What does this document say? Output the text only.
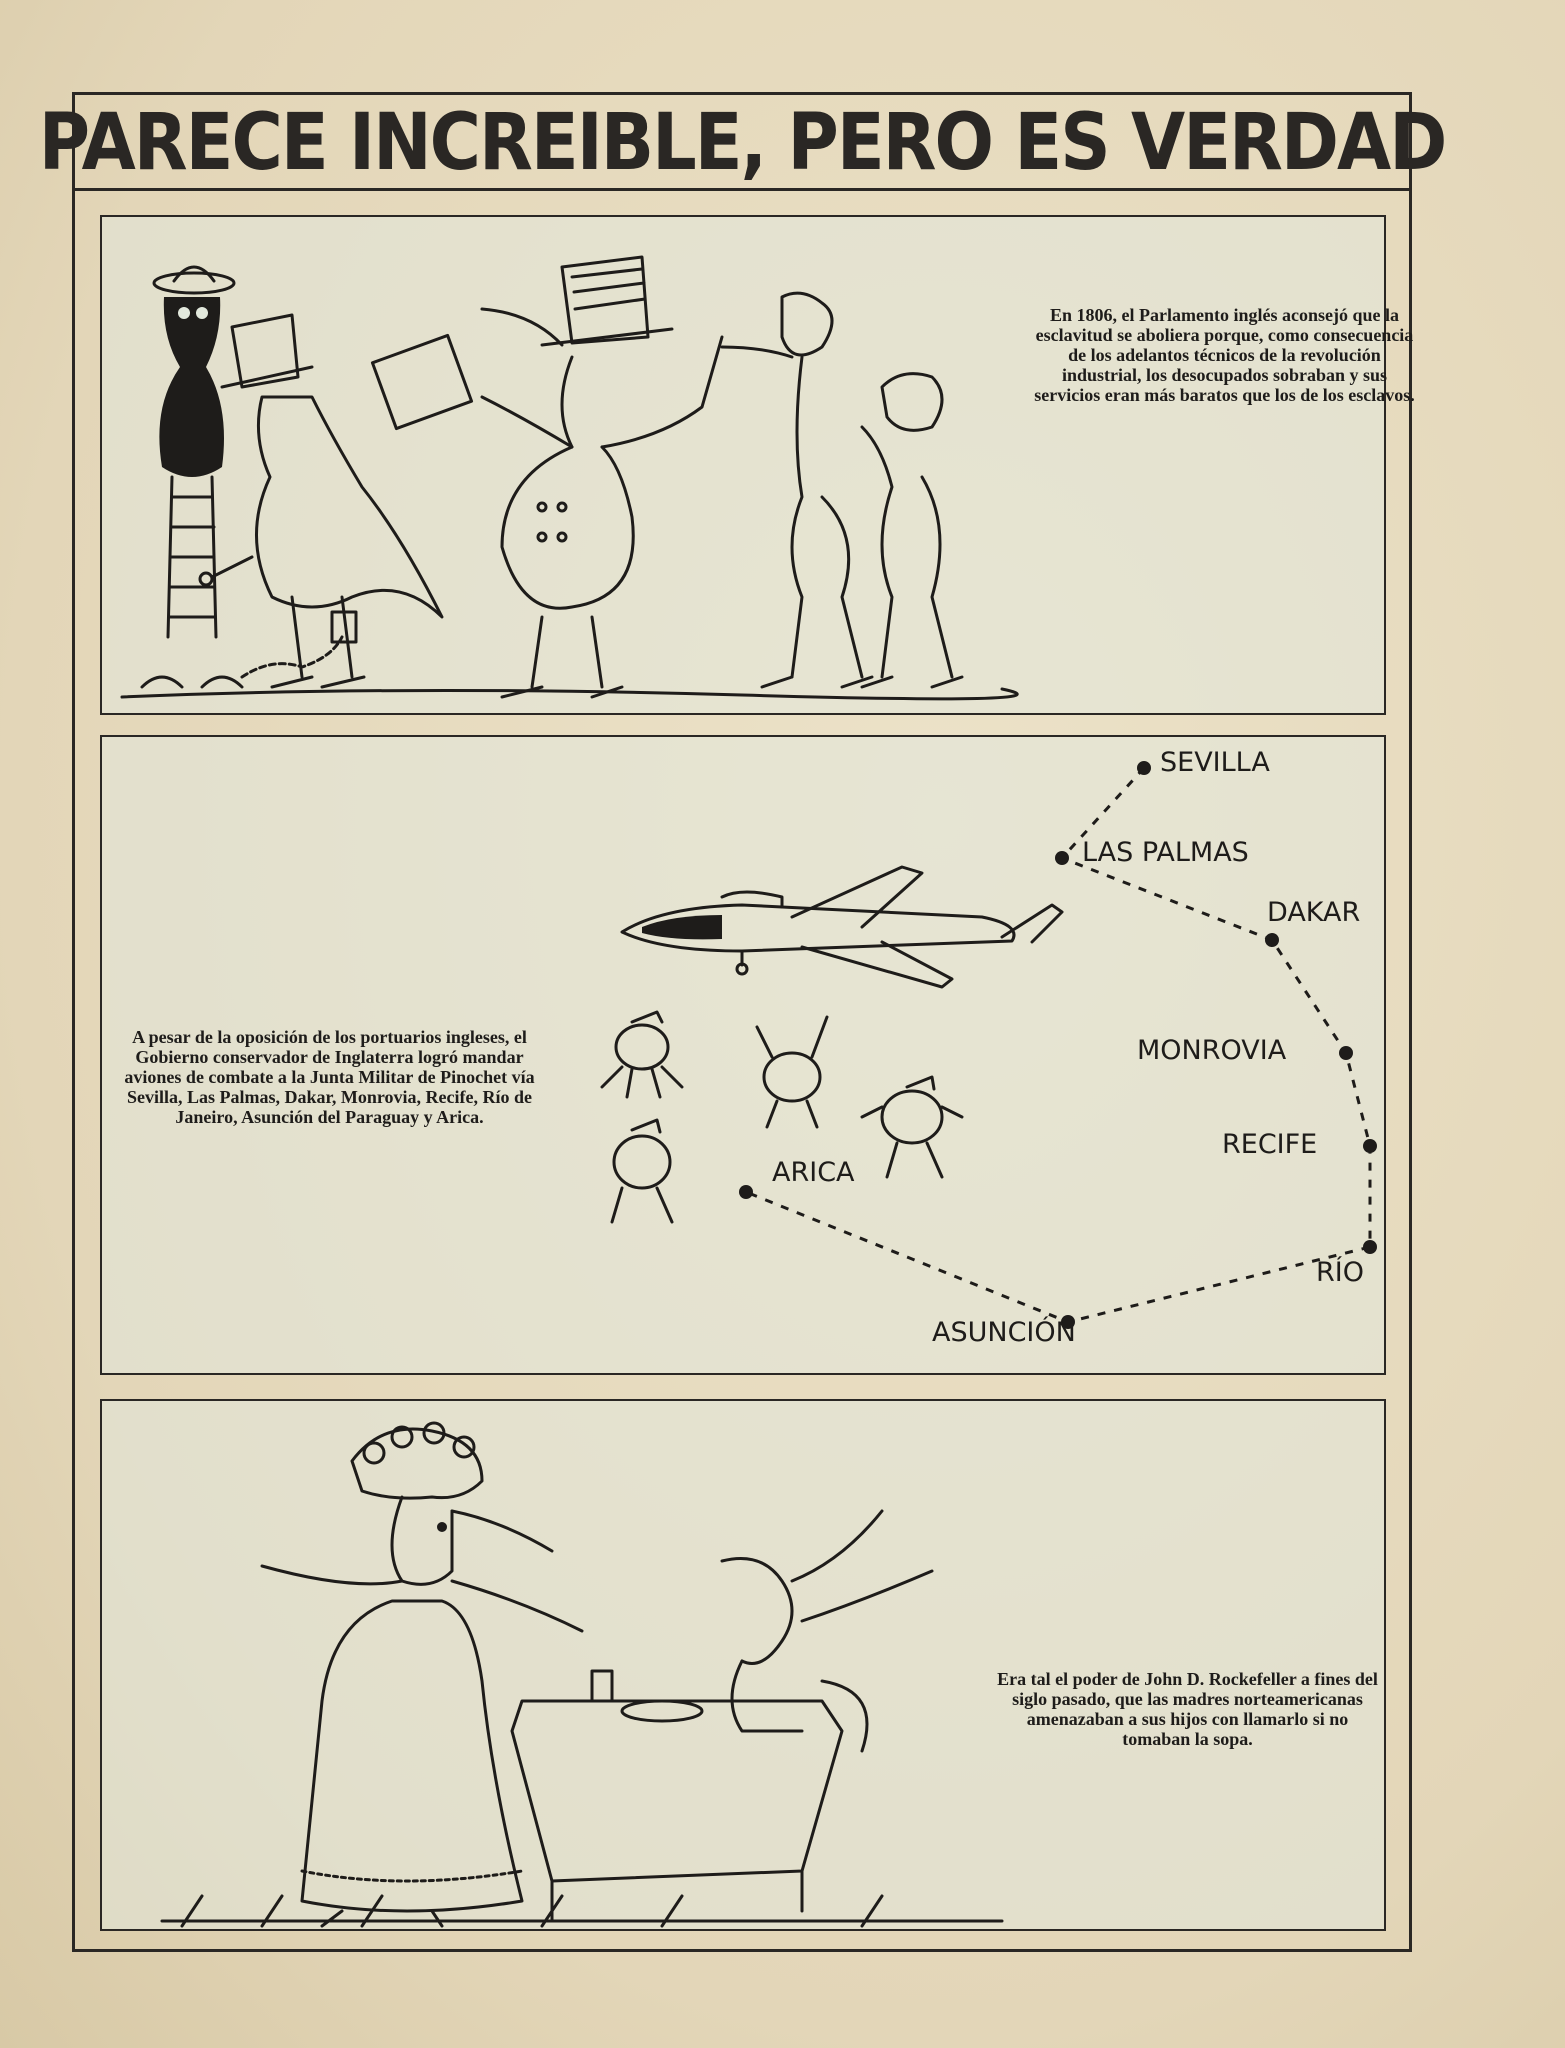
PARECE INCREIBLE, PERO ES VERDAD
En 1806, el Parlamento inglés aconsejó que la esclavitud se aboliera porque, como consecuencia de los adelantos técnicos de la revolución industrial, los desocupados sobraban y sus servicios eran más baratos que los de los esclavos.
A pesar de la oposición de los portuarios ingleses, el Gobierno conservador de Inglaterra logró mandar aviones de combate a la Junta Militar de Pinochet vía Sevilla, Las Palmas, Dakar, Monrovia, Recife, Río de Janeiro, Asunción del Paraguay y Arica.
SEVILLA
LAS PALMAS
DAKAR
MONROVIA
RECIFE
RÍO
ASUNCIÓN
ARICA
Era tal el poder de John D. Rockefeller a fines del siglo pasado, que las madres norteamericanas amenazaban a sus hijos con llamarlo si no tomaban la sopa.
